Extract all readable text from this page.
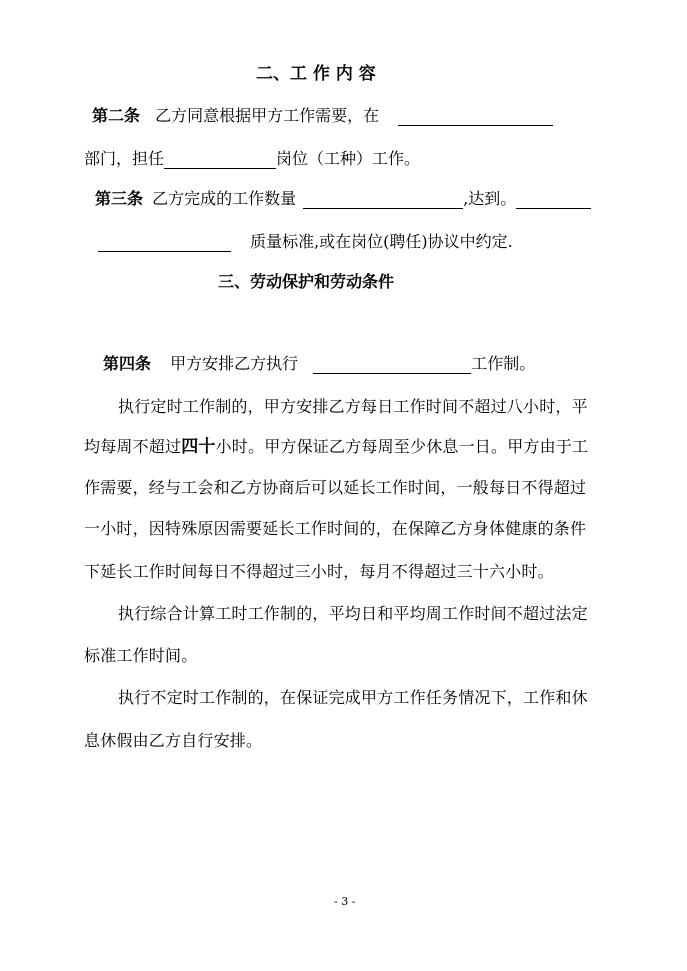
二、工 作 内 容
第二条 乙方同意根据甲方工作需要，在
部门，担任	岗位（工种）工作。
第三条 乙方完成的工作数量	,达到。
质量标准,或在岗位(聘任)协议中约定.
三、劳动保护和劳动条件
第四条 甲方安排乙方执行	工作制。
执行定时工作制的，甲方安排乙方每日工作时间不超过八小时，平
均每周不超过四十小时。甲方保证乙方每周至少休息一日。甲方由于工
作需要，经与工会和乙方协商后可以延长工作时间，一般每日不得超过
一小时，因特殊原因需要延长工作时间的，在保障乙方身体健康的条件
下延长工作时间每日不得超过三小时，每月不得超过三十六小时。
执行综合计算工时工作制的，平均日和平均周工作时间不超过法定
标准工作时间。
执行不定时工作制的，在保证完成甲方工作任务情况下，工作和休
息休假由乙方自行安排。
- 3 -
